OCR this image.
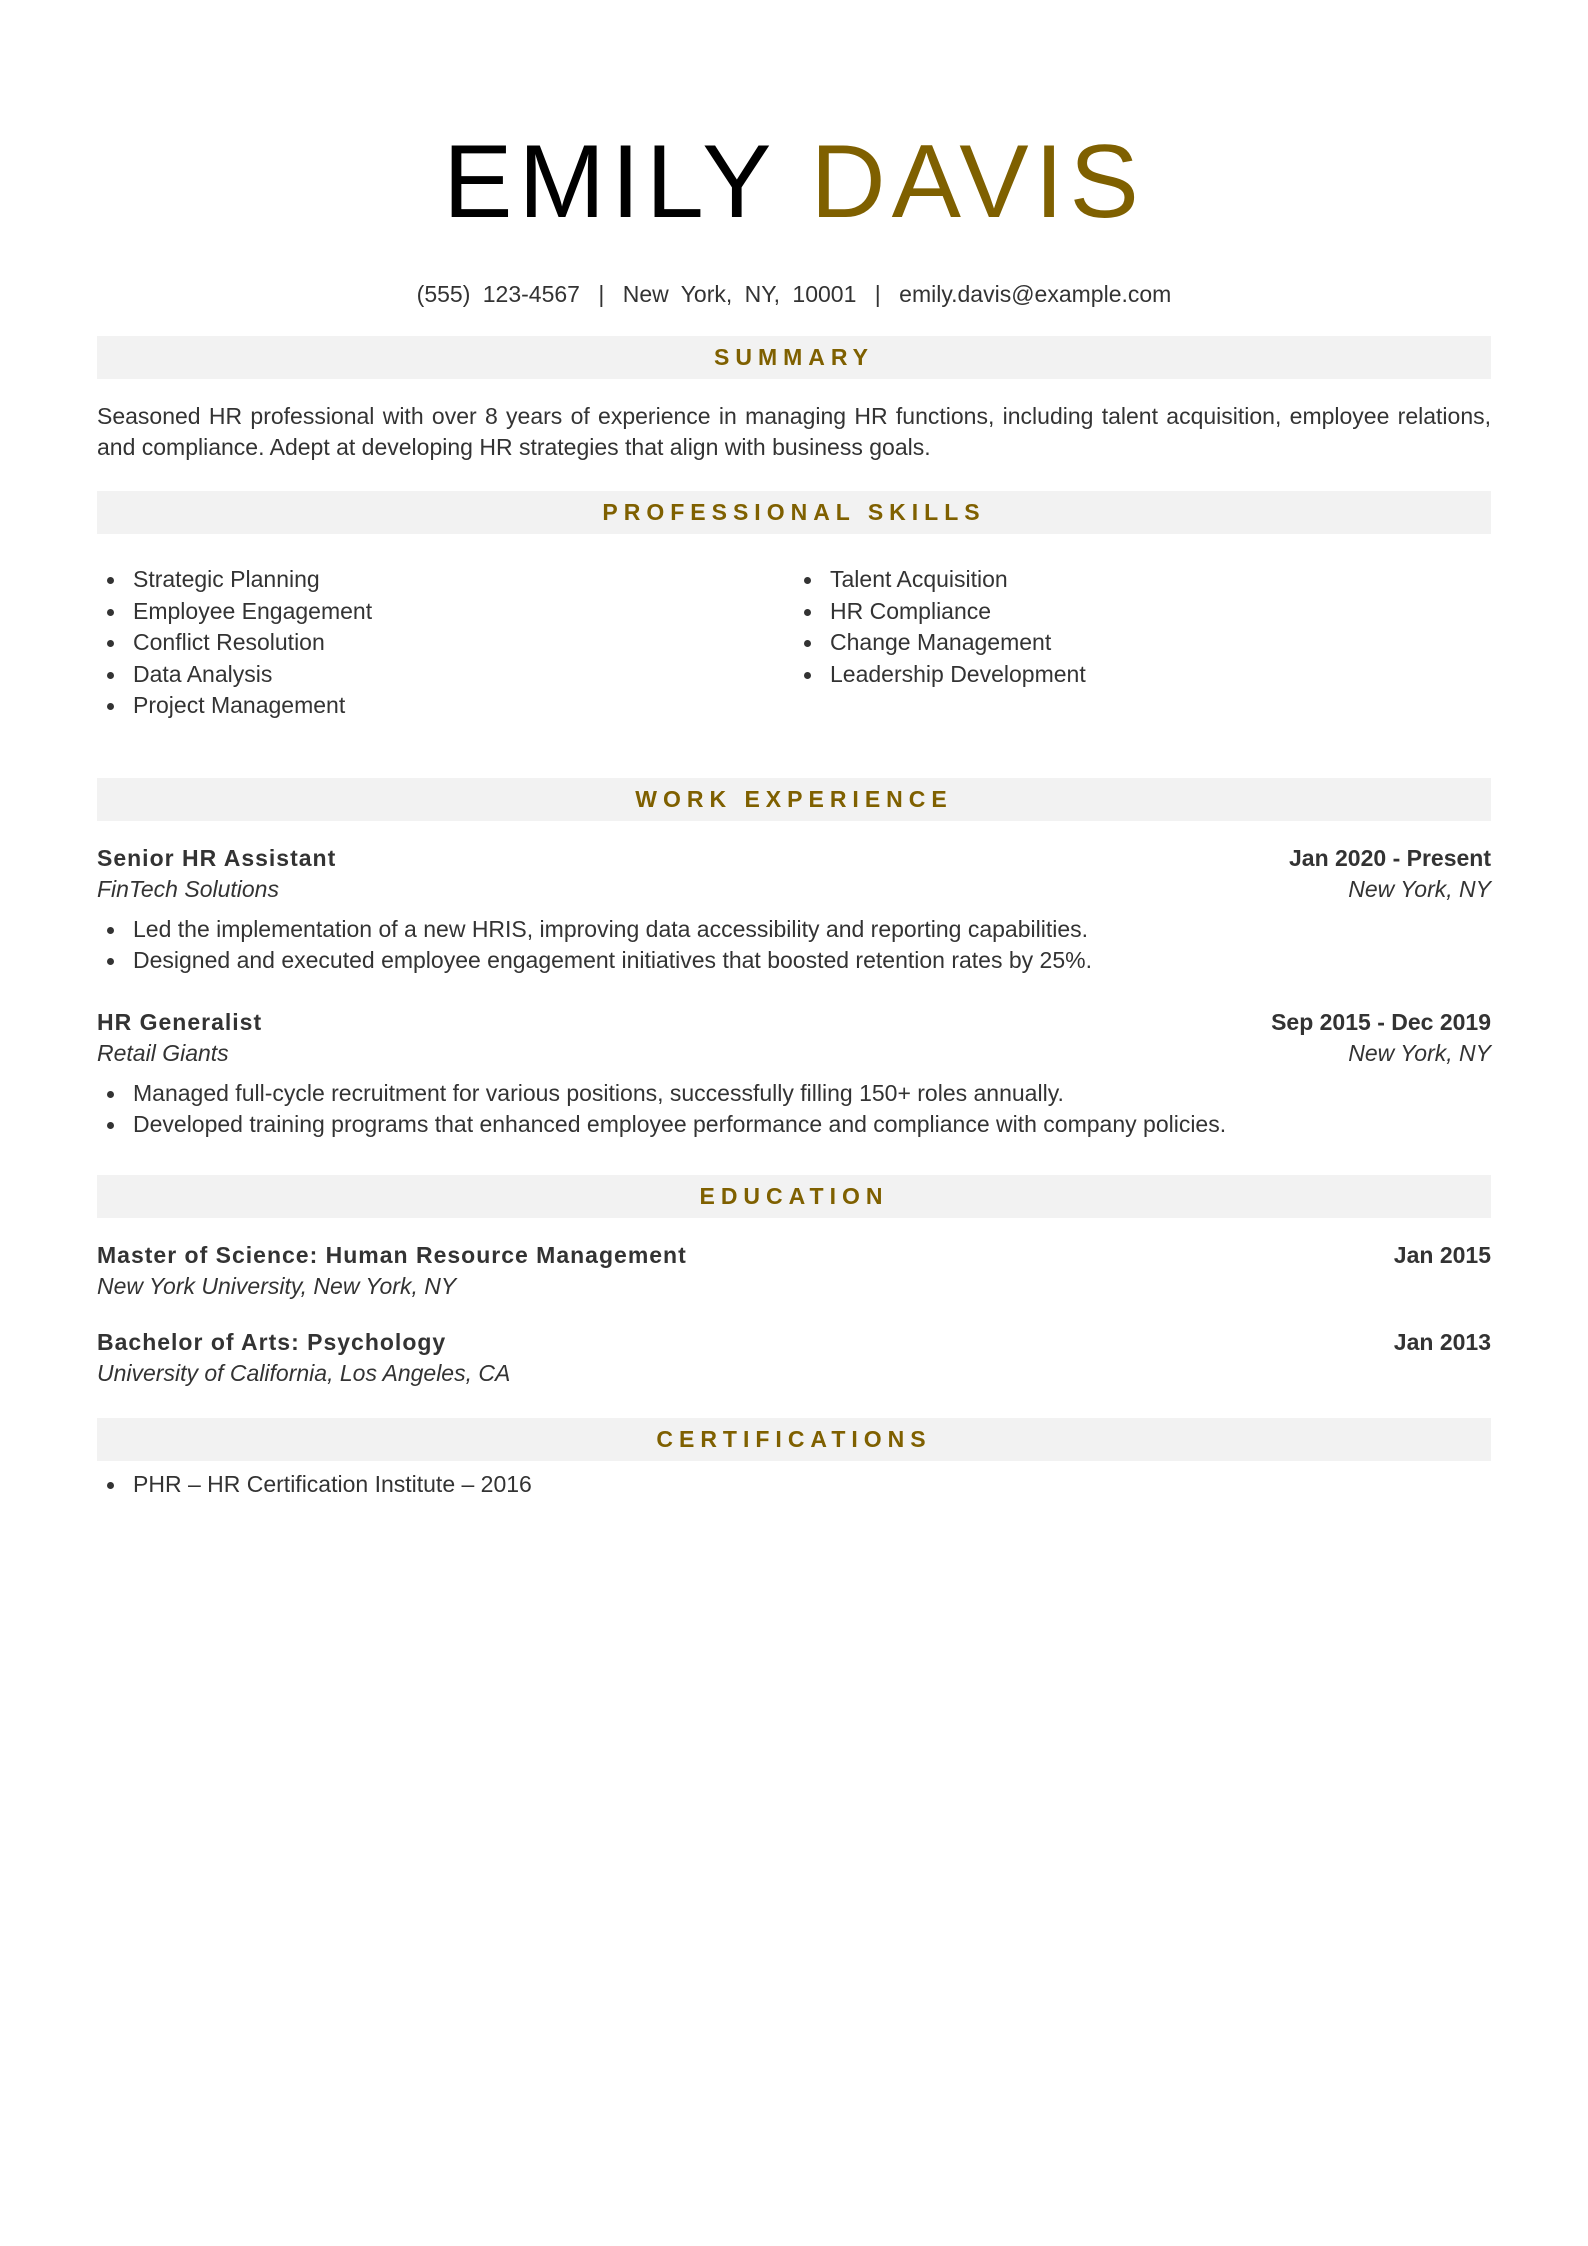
EMILY DAVIS
(555) 123-4567 | New York, NY, 10001 | emily.davis@example.com
SUMMARY

Seasoned HR professional with over 8 years of experience in managing HR functions, including talent acquisition, employee relations, and compliance. Adept at developing HR strategies that align with business goals.

PROFESSIONAL SKILLS
Strategic Planning
Employee Engagement
Conflict Resolution
Data Analysis
Project Management
Talent Acquisition
HR Compliance
Change Management
Leadership Development
WORK EXPERIENCE
Senior HR Assistant	Jan 2020 - Present
FinTech Solutions	New York, NY
Led the implementation of a new HRIS, improving data accessibility and reporting capabilities.
Designed and executed employee engagement initiatives that boosted retention rates by 25%.
HR Generalist	Sep 2015 - Dec 2019
Retail Giants	New York, NY
Managed full-cycle recruitment for various positions, successfully filling 150+ roles annually.
Developed training programs that enhanced employee performance and compliance with company policies.
EDUCATION
Master of Science: Human Resource Management	Jan 2015
New York University, New York, NY
Bachelor of Arts: Psychology	Jan 2013
University of California, Los Angeles, CA
CERTIFICATIONS
PHR – HR Certification Institute – 2016
